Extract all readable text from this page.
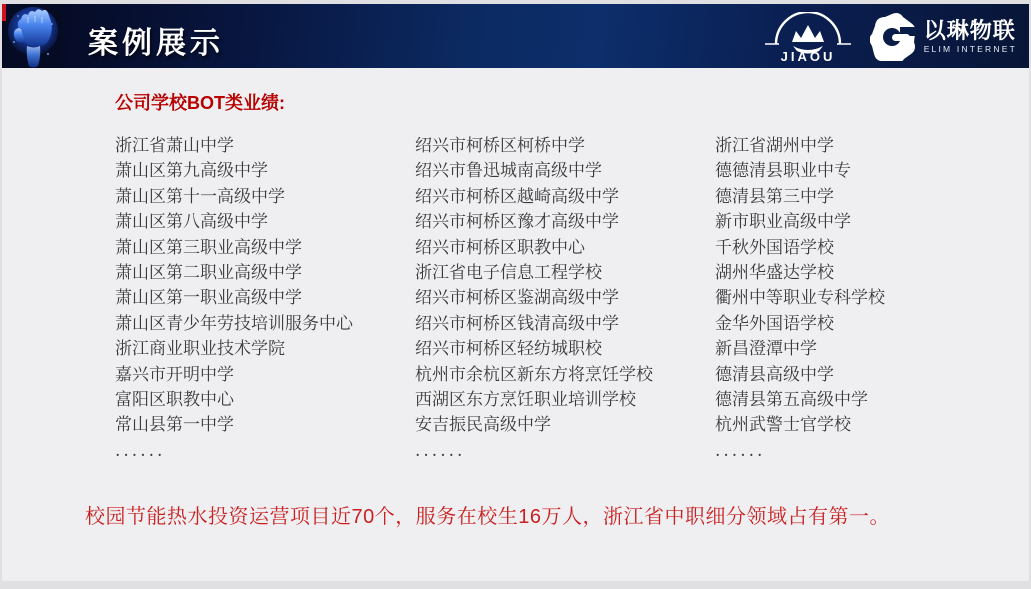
案例展示	JIAOU
以琳物联
ELIM INTERNET
公司学校BOT类业绩:
浙江省萧山中学
萧山区第九高级中学
萧山区第十一高级中学
萧山区第八高级中学
萧山区第三职业高级中学
萧山区第二职业高级中学
萧山区第一职业高级中学
萧山区青少年劳技培训服务中心
浙江商业职业技术学院
嘉兴市开明中学
富阳区职教中心
常山县第一中学
......
绍兴市柯桥区柯桥中学
绍兴市鲁迅城南高级中学
绍兴市柯桥区越崎高级中学
绍兴市柯桥区豫才高级中学
绍兴市柯桥区职教中心
浙江省电子信息工程学校
绍兴市柯桥区鉴湖高级中学
绍兴市柯桥区钱清高级中学
绍兴市柯桥区轻纺城职校
杭州市余杭区新东方将烹饪学校
西湖区东方烹饪职业培训学校
安吉振民高级中学
......
浙江省湖州中学
德德清县职业中专
德清县第三中学
新市职业高级中学
千秋外国语学校
湖州华盛达学校
衢州中等职业专科学校
金华外国语学校
新昌澄潭中学
德清县高级中学
德清县第五高级中学
杭州武警士官学校
......
校园节能热水投资运营项目近70个，服务在校生16万人，浙江省中职细分领域占有第一。
